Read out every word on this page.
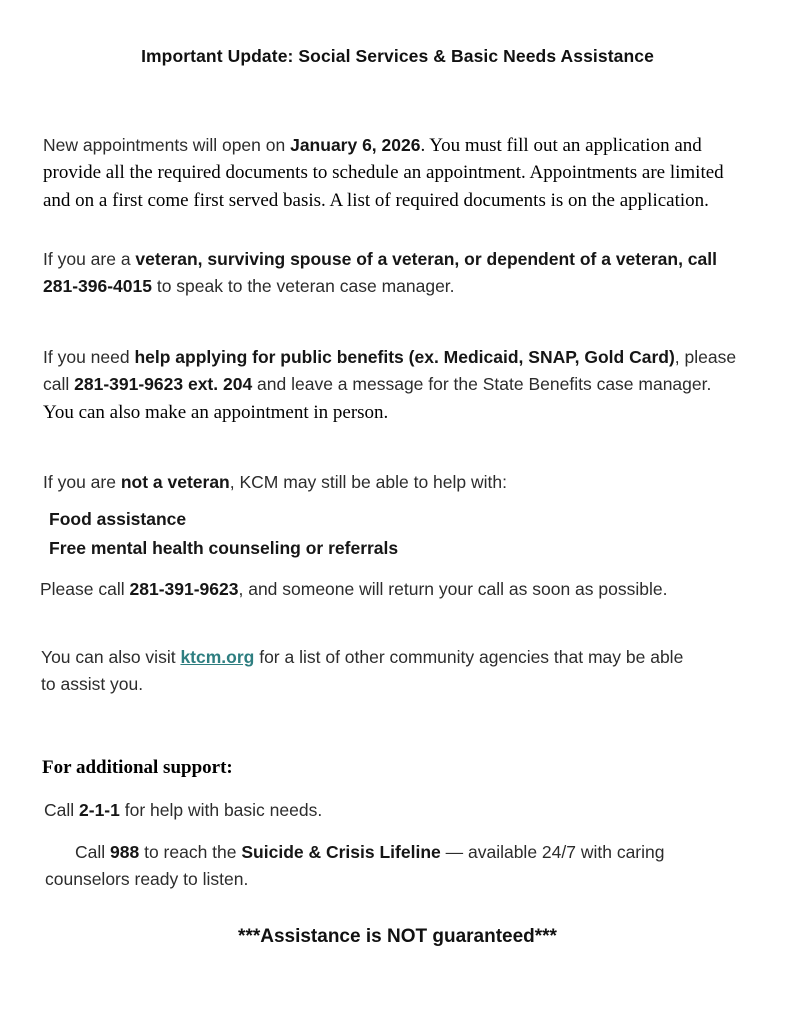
Important Update: Social Services & Basic Needs Assistance

New appointments will open on January 6, 2026. You must fill out an application and provide all the required documents to schedule an appointment. Appointments are limited and on a first come first served basis. A list of required documents is on the application.

If you are a veteran, surviving spouse of a veteran, or dependent of a veteran, call 281-396-4015 to speak to the veteran case manager.

If you need help applying for public benefits (ex. Medicaid, SNAP, Gold Card), please call 281-391-9623 ext. 204 and leave a message for the State Benefits case manager. You can also make an appointment in person.

If you are not a veteran, KCM may still be able to help with:

Food assistance

Free mental health counseling or referrals

Please call 281-391-9623, and someone will return your call as soon as possible.

You can also visit ktcm.org for a list of other community agencies that may be able to assist you.

For additional support:

Call 2-1-1 for help with basic needs.

Call 988 to reach the Suicide & Crisis Lifeline — available 24/7 with caring counselors ready to listen.

***Assistance is NOT guaranteed***
